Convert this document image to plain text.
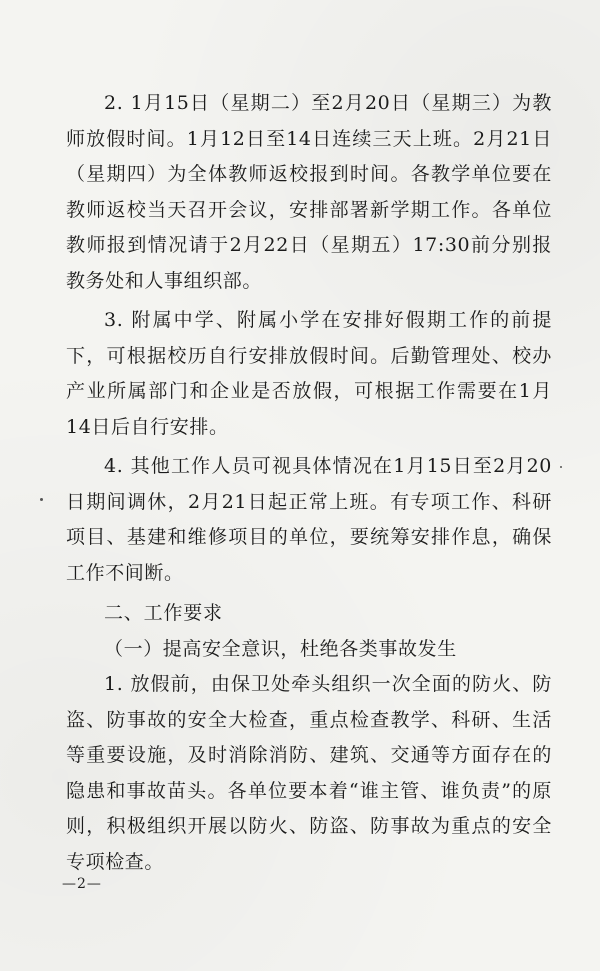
2. 1月15日（星期二）至2月20日（星期三）为教师放假时间。1月12日至14日连续三天上班。2月21日（星期四）为全体教师返校报到时间。各教学单位要在教师返校当天召开会议，安排部署新学期工作。各单位教师报到情况请于2月22日（星期五）17:30前分别报教务处和人事组织部。

3. 附属中学、附属小学在安排好假期工作的前提下，可根据校历自行安排放假时间。后勤管理处、校办产业所属部门和企业是否放假，可根据工作需要在1月14日后自行安排。

4. 其他工作人员可视具体情况在1月15日至2月20日期间调休，2月21日起正常上班。有专项工作、科研项目、基建和维修项目的单位，要统筹安排作息，确保工作不间断。

二、工作要求

（一）提高安全意识，杜绝各类事故发生

1. 放假前，由保卫处牵头组织一次全面的防火、防盗、防事故的安全大检查，重点检查教学、科研、生活等重要设施，及时消除消防、建筑、交通等方面存在的隐患和事故苗头。各单位要本着“谁主管、谁负责”的原则，积极组织开展以防火、防盗、防事故为重点的安全专项检查。

—2—
